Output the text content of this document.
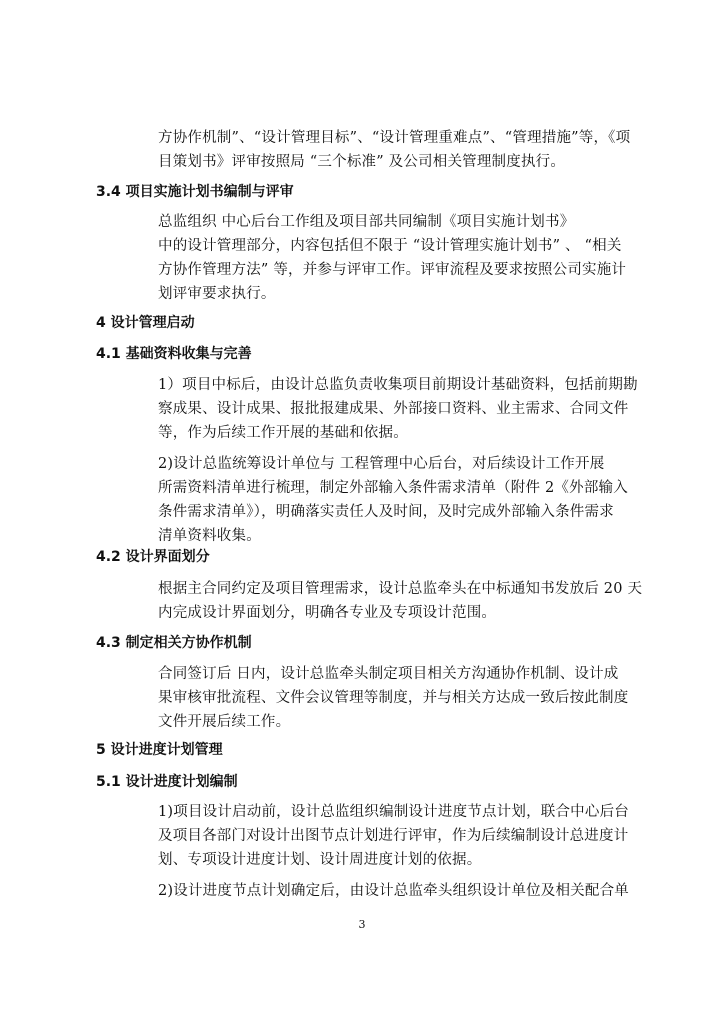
方协作机制”、“设计管理目标”、“设计管理重难点”、“管理措施”等，《项
目策划书》评审按照局 “三个标准” 及公司相关管理制度执行。
3.4 项目实施计划书编制与评审
总监组织 中心后台工作组及项目部共同编制《项目实施计划书》
中的设计管理部分，内容包括但不限于 “设计管理实施计划书” 、 “相关
方协作管理方法” 等，并参与评审工作。评审流程及要求按照公司实施计
划评审要求执行。
4 设计管理启动
4.1 基础资料收集与完善
1）项目中标后，由设计总监负责收集项目前期设计基础资料，包括前期勘
察成果、设计成果、报批报建成果、外部接口资料、业主需求、合同文件
等，作为后续工作开展的基础和依据。
2)设计总监统筹设计单位与 工程管理中心后台，对后续设计工作开展
所需资料清单进行梳理，制定外部输入条件需求清单（附件 2《外部输入
条件需求清单》），明确落实责任人及时间，及时完成外部输入条件需求
清单资料收集。
4.2 设计界面划分
根据主合同约定及项目管理需求，设计总监牵头在中标通知书发放后 20 天
内完成设计界面划分，明确各专业及专项设计范围。
4.3 制定相关方协作机制
合同签订后 日内，设计总监牵头制定项目相关方沟通协作机制、设计成
果审核审批流程、文件会议管理等制度，并与相关方达成一致后按此制度
文件开展后续工作。
5 设计进度计划管理
5.1 设计进度计划编制
1)项目设计启动前，设计总监组织编制设计进度节点计划，联合中心后台
及项目各部门对设计出图节点计划进行评审，作为后续编制设计总进度计
划、专项设计进度计划、设计周进度计划的依据。
2)设计进度节点计划确定后，由设计总监牵头组织设计单位及相关配合单
3
